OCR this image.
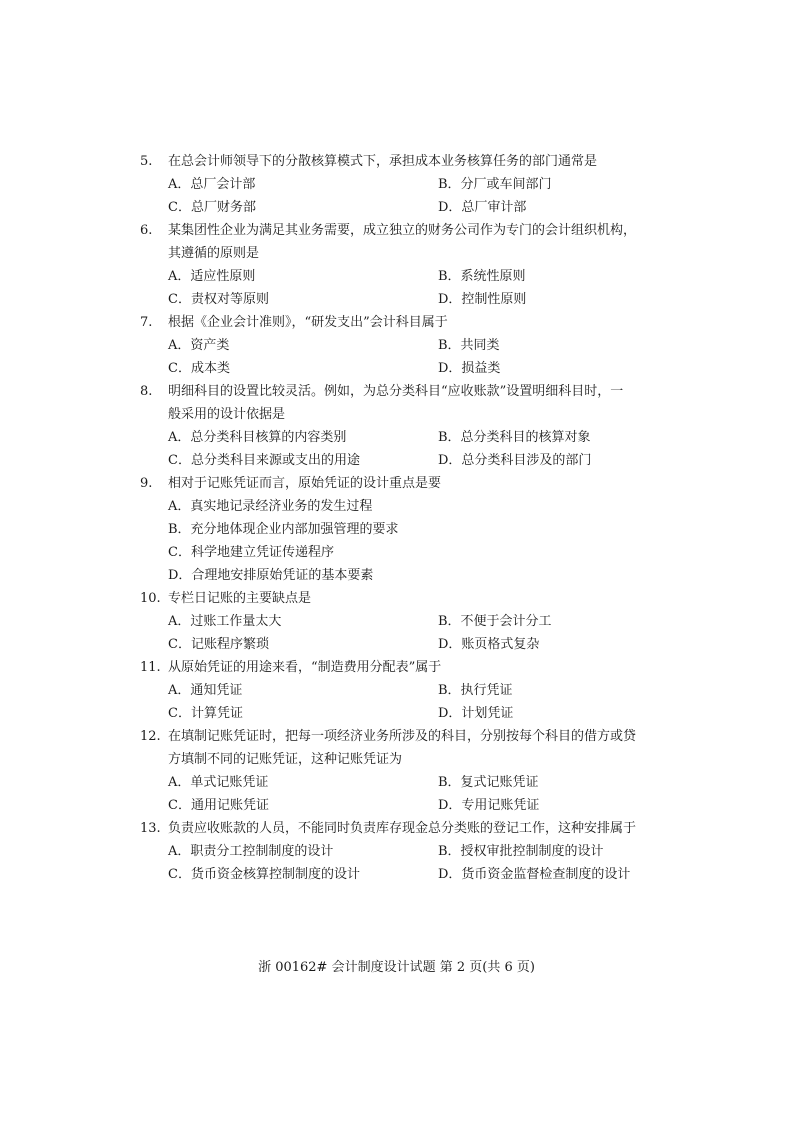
5.	在总会计师领导下的分散核算模式下，承担成本业务核算任务的部门通常是
A．总厂会计部	B．分厂或车间部门
C．总厂财务部	D．总厂审计部
6.	某集团性企业为满足其业务需要，成立独立的财务公司作为专门的会计组织机构，
其遵循的原则是
A．适应性原则	B．系统性原则
C．责权对等原则	D．控制性原则
7.	根据《企业会计准则》，“研发支出”会计科目属于
A．资产类	B．共同类
C．成本类	D．损益类
8.	明细科目的设置比较灵活。例如，为总分类科目“应收账款”设置明细科目时，一
般采用的设计依据是
A．总分类科目核算的内容类别	B．总分类科目的核算对象
C．总分类科目来源或支出的用途	D．总分类科目涉及的部门
9.	相对于记账凭证而言，原始凭证的设计重点是要
A．真实地记录经济业务的发生过程
B．充分地体现企业内部加强管理的要求
C．科学地建立凭证传递程序
D．合理地安排原始凭证的基本要素
10. 专栏日记账的主要缺点是
A．过账工作量太大	B．不便于会计分工
C．记账程序繁琐	D．账页格式复杂
11. 从原始凭证的用途来看，“制造费用分配表”属于
A．通知凭证	B．执行凭证
C．计算凭证	D．计划凭证
12. 在填制记账凭证时，把每一项经济业务所涉及的科目，分别按每个科目的借方或贷
方填制不同的记账凭证，这种记账凭证为
A．单式记账凭证	B．复式记账凭证
C．通用记账凭证	D．专用记账凭证
13. 负责应收账款的人员，不能同时负责库存现金总分类账的登记工作，这种安排属于
A．职责分工控制制度的设计	B．授权审批控制制度的设计
C．货币资金核算控制制度的设计	D．货币资金监督检查制度的设计
浙 00162# 会计制度设计试题 第 2 页(共 6 页)
